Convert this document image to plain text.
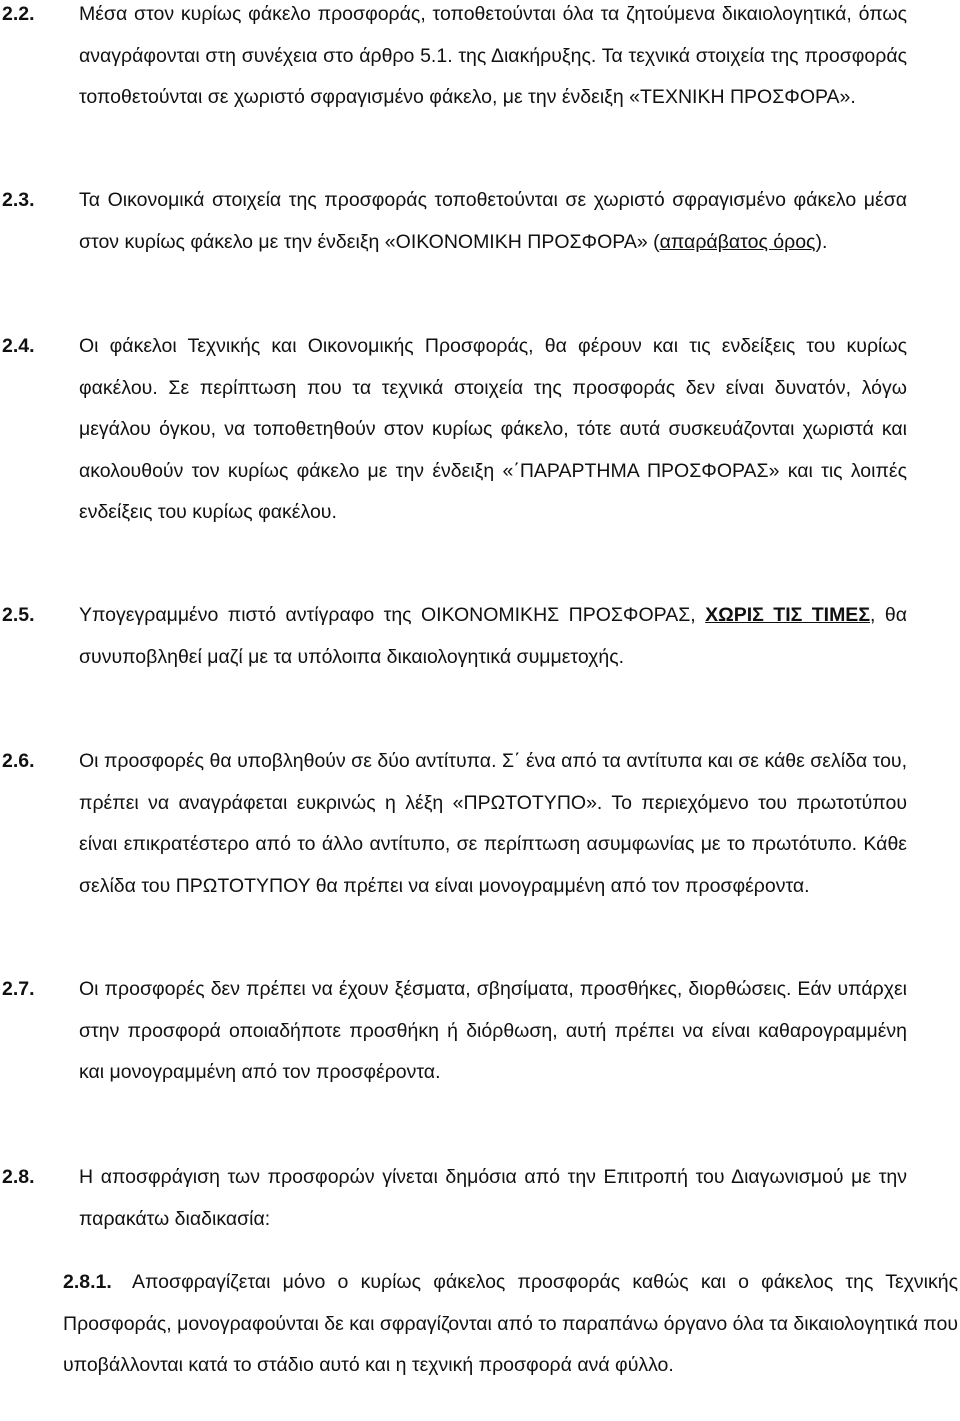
2.2. Μέσα στον κυρίως φάκελο προσφοράς, τοποθετούνται όλα τα ζητούμενα δικαιολογητικά, όπως αναγράφονται στη συνέχεια στο άρθρο 5.1. της Διακήρυξης. Τα τεχνικά στοιχεία της προσφοράς τοποθετούνται σε χωριστό σφραγισμένο φάκελο, με την ένδειξη «ΤΕΧΝΙΚΗ ΠΡΟΣΦΟΡΑ».
2.3. Τα Οικονομικά στοιχεία της προσφοράς τοποθετούνται σε χωριστό σφραγισμένο φάκελο μέσα στον κυρίως φάκελο με την ένδειξη «ΟΙΚΟΝΟΜΙΚΗ ΠΡΟΣΦΟΡΑ» (απαράβατος όρος).
2.4. Οι φάκελοι Τεχνικής και Οικονομικής Προσφοράς, θα φέρουν και τις ενδείξεις του κυρίως φακέλου. Σε περίπτωση που τα τεχνικά στοιχεία της προσφοράς δεν είναι δυνατόν, λόγω μεγάλου όγκου, να τοποθετηθούν στον κυρίως φάκελο, τότε αυτά συσκευάζονται χωριστά και ακολουθούν τον κυρίως φάκελο με την ένδειξη «΄ΠΑΡΑΡΤΗΜΑ ΠΡΟΣΦΟΡΑΣ» και τις λοιπές ενδείξεις του κυρίως φακέλου.
2.5. Υπογεγραμμένο πιστό αντίγραφο της ΟΙΚΟΝΟΜΙΚΗΣ ΠΡΟΣΦΟΡΑΣ, ΧΩΡΙΣ ΤΙΣ ΤΙΜΕΣ, θα συνυποβληθεί μαζί με τα υπόλοιπα δικαιολογητικά συμμετοχής.
2.6. Οι προσφορές θα υποβληθούν σε δύο αντίτυπα. Σ΄ ένα από τα αντίτυπα και σε κάθε σελίδα του, πρέπει να αναγράφεται ευκρινώς η λέξη «ΠΡΩΤΟΤΥΠΟ». Το περιεχόμενο του πρωτοτύπου είναι επικρατέστερο από το άλλο αντίτυπο, σε περίπτωση ασυμφωνίας με το πρωτότυπο. Κάθε σελίδα του ΠΡΩΤΟΤΥΠΟΥ θα πρέπει να είναι μονογραμμένη από τον προσφέροντα.
2.7. Οι προσφορές δεν πρέπει να έχουν ξέσματα, σβησίματα, προσθήκες, διορθώσεις. Εάν υπάρχει στην προσφορά οποιαδήποτε προσθήκη ή διόρθωση, αυτή πρέπει να είναι καθαρογραμμένη και μονογραμμένη από τον προσφέροντα.
2.8. Η αποσφράγιση των προσφορών γίνεται δημόσια από την Επιτροπή του Διαγωνισμού με την παρακάτω διαδικασία:
2.8.1.	Αποσφραγίζεται μόνο ο κυρίως φάκελος προσφοράς καθώς και ο φάκελος της Τεχνικής Προσφοράς, μονογραφούνται δε και σφραγίζονται από το παραπάνω όργανο όλα τα δικαιολογητικά που υποβάλλονται κατά το στάδιο αυτό και η τεχνική προσφορά ανά φύλλο.
